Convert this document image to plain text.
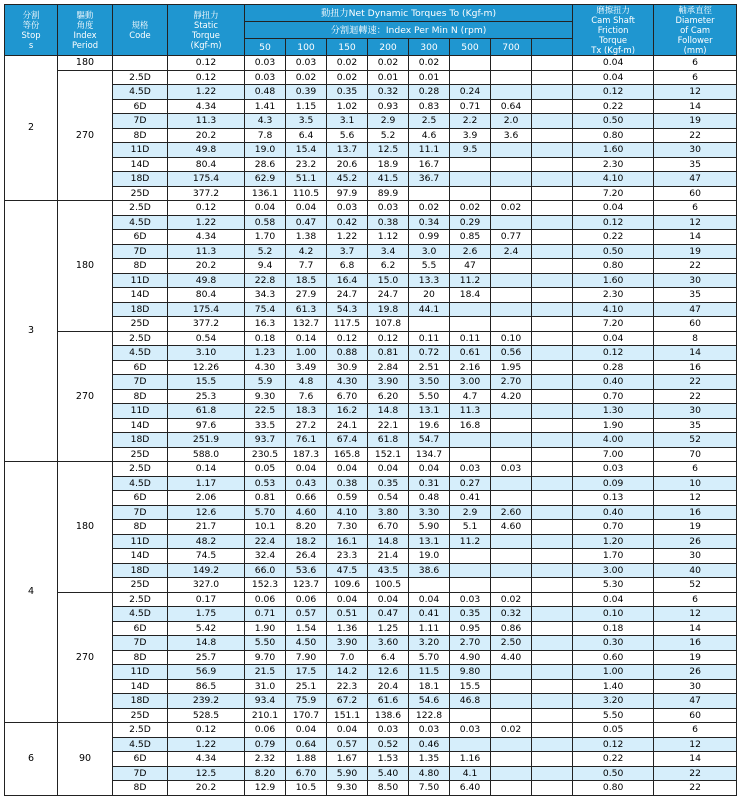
分割
等份
Stop
s	驅動
角度
Index
Period	規格
Code	靜扭力
Static
Torque
(Kgf-m)	動扭力Net Dynamic Torques To (Kgf-m)								磨擦扭力
Cam Shaft
Friction
Torque
Tx (Kgf-m)	軸承直徑
Diameter
of Cam
Follower
(mm)
				分割迴轉速：Index Per Min N (rpm)									
				50	100	150	200	300	500	700			
2	180		0.12	0.03	0.03	0.02	0.02	0.02				0.04	6
	270	2.5D	0.12	0.03	0.02	0.02	0.01	0.01				0.04	6
		4.5D	1.22	0.48	0.39	0.35	0.32	0.28	0.24			0.12	12
		6D	4.34	1.41	1.15	1.02	0.93	0.83	0.71	0.64		0.22	14
		7D	11.3	4.3	3.5	3.1	2.9	2.5	2.2	2.0		0.50	19
		8D	20.2	7.8	6.4	5.6	5.2	4.6	3.9	3.6		0.80	22
		11D	49.8	19.0	15.4	13.7	12.5	11.1	9.5			1.60	30
		14D	80.4	28.6	23.2	20.6	18.9	16.7				2.30	35
		18D	175.4	62.9	51.1	45.2	41.5	36.7				4.10	47
		25D	377.2	136.1	110.5	97.9	89.9					7.20	60
3	180	2.5D	0.12	0.04	0.04	0.03	0.03	0.02	0.02	0.02		0.04	6
		4.5D	1.22	0.58	0.47	0.42	0.38	0.34	0.29			0.12	12
		6D	4.34	1.70	1.38	1.22	1.12	0.99	0.85	0.77		0.22	14
		7D	11.3	5.2	4.2	3.7	3.4	3.0	2.6	2.4		0.50	19
		8D	20.2	9.4	7.7	6.8	6.2	5.5	47			0.80	22
		11D	49.8	22.8	18.5	16.4	15.0	13.3	11.2			1.60	30
		14D	80.4	34.3	27.9	24.7	24.7	20	18.4			2.30	35
		18D	175.4	75.4	61.3	54.3	19.8	44.1				4.10	47
		25D	377.2	16.3	132.7	117.5	107.8					7.20	60
	270	2.5D	0.54	0.18	0.14	0.12	0.12	0.11	0.11	0.10		0.04	8
		4.5D	3.10	1.23	1.00	0.88	0.81	0.72	0.61	0.56		0.12	14
		6D	12.26	4.30	3.49	30.9	2.84	2.51	2.16	1.95		0.28	16
		7D	15.5	5.9	4.8	4.30	3.90	3.50	3.00	2.70		0.40	22
		8D	25.3	9.30	7.6	6.70	6.20	5.50	4.7	4.20		0.70	22
		11D	61.8	22.5	18.3	16.2	14.8	13.1	11.3			1.30	30
		14D	97.6	33.5	27.2	24.1	22.1	19.6	16.8			1.90	35
		18D	251.9	93.7	76.1	67.4	61.8	54.7				4.00	52
		25D	588.0	230.5	187.3	165.8	152.1	134.7				7.00	70
4	180	2.5D	0.14	0.05	0.04	0.04	0.04	0.04	0.03	0.03		0.03	6
		4.5D	1.17	0.53	0.43	0.38	0.35	0.31	0.27			0.09	10
		6D	2.06	0.81	0.66	0.59	0.54	0.48	0.41			0.13	12
		7D	12.6	5.70	4.60	4.10	3.80	3.30	2.9	2.60		0.40	16
		8D	21.7	10.1	8.20	7.30	6.70	5.90	5.1	4.60		0.70	19
		11D	48.2	22.4	18.2	16.1	14.8	13.1	11.2			1.20	26
		14D	74.5	32.4	26.4	23.3	21.4	19.0				1.70	30
		18D	149.2	66.0	53.6	47.5	43.5	38.6				3.00	40
		25D	327.0	152.3	123.7	109.6	100.5					5.30	52
	270	2.5D	0.17	0.06	0.06	0.04	0.04	0.04	0.03	0.02		0.04	6
		4.5D	1.75	0.71	0.57	0.51	0.47	0.41	0.35	0.32		0.10	12
		6D	5.42	1.90	1.54	1.36	1.25	1.11	0.95	0.86		0.18	14
		7D	14.8	5.50	4.50	3.90	3.60	3.20	2.70	2.50		0.30	16
		8D	25.7	9.70	7.90	7.0	6.4	5.70	4.90	4.40		0.60	19
		11D	56.9	21.5	17.5	14.2	12.6	11.5	9.80			1.00	26
		14D	86.5	31.0	25.1	22.3	20.4	18.1	15.5			1.40	30
		18D	239.2	93.4	75.9	67.2	61.6	54.6	46.8			3.20	47
		25D	528.5	210.1	170.7	151.1	138.6	122.8				5.50	60
6	90	2.5D	0.12	0.06	0.04	0.04	0.03	0.03	0.03	0.02		0.05	6
		4.5D	1.22	0.79	0.64	0.57	0.52	0.46				0.12	12
		6D	4.34	2.32	1.88	1.67	1.53	1.35	1.16			0.22	14
		7D	12.5	8.20	6.70	5.90	5.40	4.80	4.1			0.50	22
		8D	20.2	12.9	10.5	9.30	8.50	7.50	6.40			0.80	22
